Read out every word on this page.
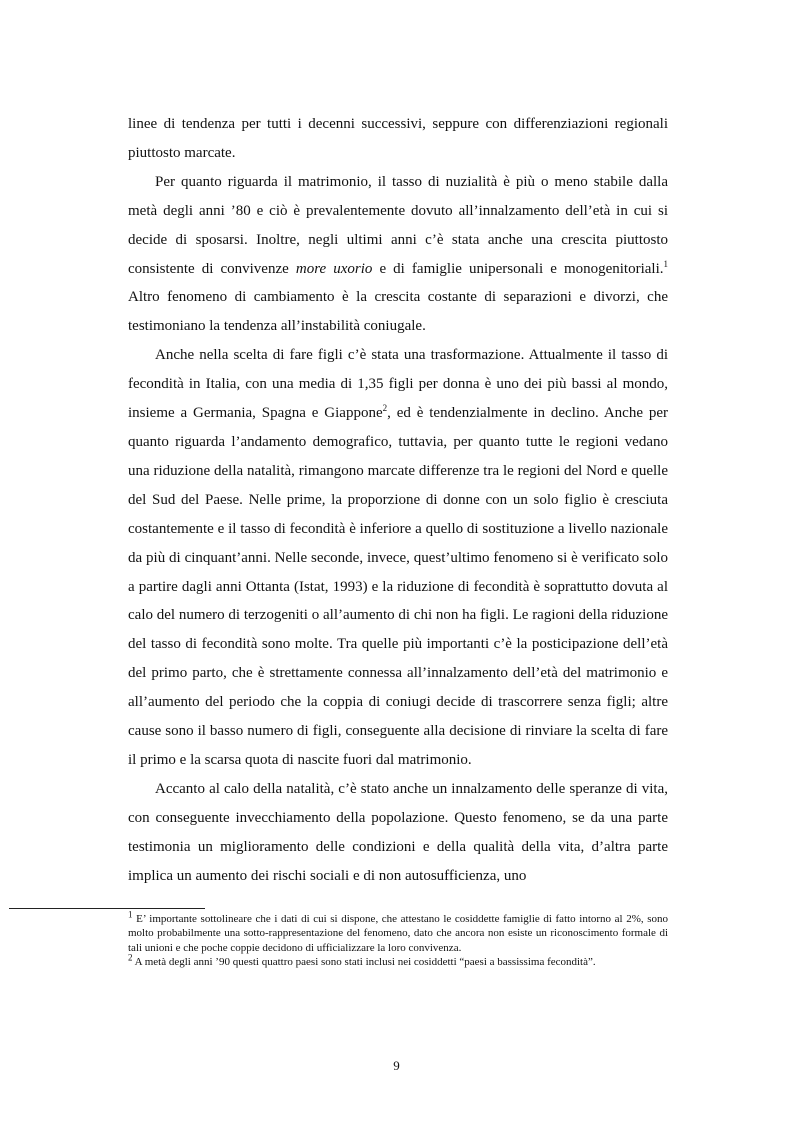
linee di tendenza per tutti i decenni successivi, seppure con differenziazioni regionali piuttosto marcate.

Per quanto riguarda il matrimonio, il tasso di nuzialità è più o meno stabile dalla metà degli anni ’80 e ciò è prevalentemente dovuto all’innalzamento dell’età in cui si decide di sposarsi. Inoltre, negli ultimi anni c’è stata anche una crescita piuttosto consistente di convivenze more uxorio e di famiglie unipersonali e monogenitoriali.$^1$ Altro fenomeno di cambiamento è la crescita costante di separazioni e divorzi, che testimoniano la tendenza all’instabilità coniugale.

Anche nella scelta di fare figli c’è stata una trasformazione. Attualmente il tasso di fecondità in Italia, con una media di 1,35 figli per donna è uno dei più bassi al mondo, insieme a Germania, Spagna e Giappone$^2$, ed è tendenzialmente in declino. Anche per quanto riguarda l’andamento demografico, tuttavia, per quanto tutte le regioni vedano una riduzione della natalità, rimangono marcate differenze tra le regioni del Nord e quelle del Sud del Paese. Nelle prime, la proporzione di donne con un solo figlio è cresciuta costantemente e il tasso di fecondità è inferiore a quello di sostituzione a livello nazionale da più di cinquant’anni. Nelle seconde, invece, quest’ultimo fenomeno si è verificato solo a partire dagli anni Ottanta (Istat, 1993) e la riduzione di fecondità è soprattutto dovuta al calo del numero di terzogeniti o all’aumento di chi non ha figli. Le ragioni della riduzione del tasso di fecondità sono molte. Tra quelle più importanti c’è la posticipazione dell’età del primo parto, che è strettamente connessa all’innalzamento dell’età del matrimonio e all’aumento del periodo che la coppia di coniugi decide di trascorrere senza figli; altre cause sono il basso numero di figli, conseguente alla decisione di rinviare la scelta di fare il primo e la scarsa quota di nascite fuori dal matrimonio.

Accanto al calo della natalità, c’è stato anche un innalzamento delle speranze di vita, con conseguente invecchiamento della popolazione. Questo fenomeno, se da una parte testimonia un miglioramento delle condizioni e della qualità della vita, d’altra parte implica un aumento dei rischi sociali e di non autosufficienza, uno

$^1$ E’ importante sottolineare che i dati di cui si dispone, che attestano le cosiddette famiglie di fatto intorno al 2%, sono molto probabilmente una sotto-rappresentazione del fenomeno, dato che ancora non esiste un riconoscimento formale di tali unioni e che poche coppie decidono di ufficializzare la loro convivenza.

$^2$ A metà degli anni ’90 questi quattro paesi sono stati inclusi nei cosiddetti “paesi a bassissima fecondità”.

9
